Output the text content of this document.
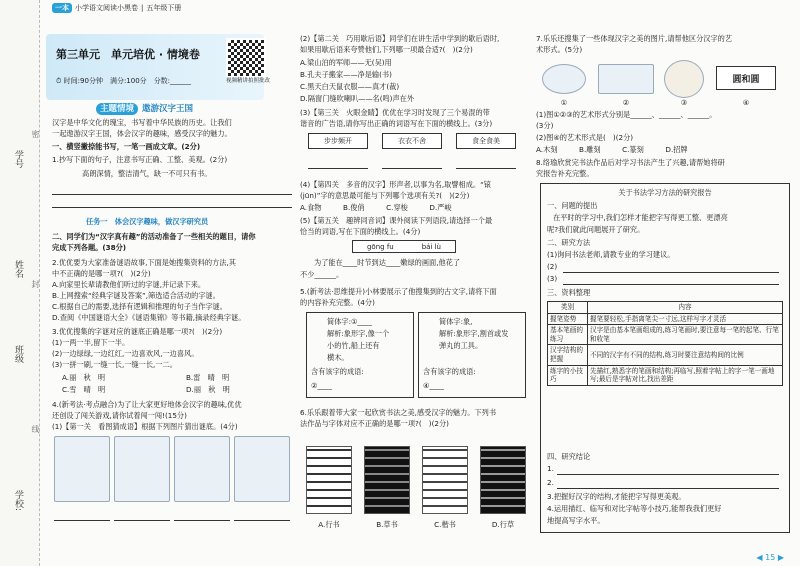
学号
姓名
班级
学校:
密
封
线
一本 小学语文阅读小黑卷 | 五年级下册
第三单元　单元培优 · 情境卷
⏱ 时间:90分钟　 满分:100分　 分数:______	视频精讲拍照批改
主题情境 遨游汉字王国
汉字是中华文化的瑰宝，书写着中华民族的历史。让我们
一起遨游汉字王国，体会汉字的趣味，感受汉字的魅力。
一、横竖撇捺能书写，一笔一画成文章。(2分)
1.抄写下面的句子，注意书写正确、工整、美观。(2分)
高朗深情，整洁清气，缺一不可只有书。
任务一　体会汉字趣味，做汉字研究员
二、同学们为“汉字真有趣”的活动准备了一些相关的题目，请你
完成下列各题。(38分)
2.优优要为大家准备谜语故事,下面是她搜集资料的方法,其
中不正确的是哪一项?(　)(2分)
A.向家里长辈请教他们听过的字谜,并记录下来。
B.上网搜索“经典字谜及答案”,筛选适合活动的字谜。
C.根据自己的需要,选择有逻辑和推理的句子当作字谜。
D.查阅《中国谜语大全》《谜语集锦》等书籍,摘录经典字谜。
3.优优搜集的字谜对应的谜底正确是哪一项?(　)(2分)
(1)一两一半,留下一半。
(2)一边绿绿,一边红红,一边喜欢风,一边喜风。
(3)一拼一刷,一缝一长,一缝一长,一二。
A.丽　秋　明	B.雷　晴　明
C.雪　晴　明	D.丽　秋　明
4.(新考法·考点融合)为了让大家更好地体会汉字的趣味,优优
还创设了闯关游戏,请你试着闯一闯!(15分)
(1)【第一关　看图猜成语】根据下列图片猜出谜底。(4分)
(2)【第二关　巧用歇后语】同学们在讲生活中学到的歇后语时,
如果用歇后语来夸赞他们,下列哪一项最合适?(　)(2分)
A.梁山泊的军师——无(吴)用
B.孔夫子搬家——净是输(书)
C.黑天白天鼠衣服——真才(裁)
D.隔窗门缝吹喇叭——名(鸣)声在外
(3)【第三关　火眼金睛】优优在学习时发现了三个易混的带
谐音的广告语,请你写出正确的词语写在下面的横线上。(3分)
步步频开	衣衣不舍	食全食美
(4)【第四关　多音的汉字】形声者,以事为名,取譬相成。“锿
(jūn)”字的意思最可能与下列哪个选项有关?(　)(2分)
A.食物　　　B.俊俏　　　C.穿梭　　　D.严峻
(5)【第五关　趣辨同音词】课外阅读下列语段,请选择一个最
恰当的词语,写在下面的横线上。(4分)
gōng fu	bái lù
为了能在____时节到达____嫩绿的画面,他花了
不少______。
5.(新考法·思维提升)小林要展示了他搜集到的古文字,请将下面
的内容补充完整。(4分)
简体字:①____
解析:象形字,像一个
小的竹,船上还有
横木。
含有该字的成语:
②____
简体字:象,
解析:象形字,割首或发
弹丸的工具。
含有该字的成语:
④____
6.乐乐跟着带大家一起欣赏书法之美,感受汉字的魅力。下列书
法作品与字体对应不正确的是哪一项?(　)(2分)
A.行书	B.草书	C.楷书	D.行草
7.乐乐还搜集了一些体现汉字之美的图片,请帮他区分汉字的艺
术形式。(5分)
圆和圆
①	②	③	④
(1)图①②③的艺术形式分别是______、______、______。
(3分)
(2)图④的艺术形式是(　)(2分)
A.木刻　　　B.雕刻　　　C.篆刻　　　D.招牌
8.络瑜欣赏完书法作品后对学习书法产生了兴趣,请帮她将研
究报告补充完整。
关于书法学习方法的研究报告
一、问题的提出
在平时的学习中,我们怎样才能把字写得更工整、更漂亮
呢?我们就此问题展开了研究。
二、研究方法
(1)询问书法老师,请教专业的学习建议。
(2)
(3)
三、资料整理
类别	内容
握笔姿势	握笔要轻松,手指离笔尖一寸远,这样写字才灵活
基本笔画的练习	汉字是由基本笔画组成的,练习笔画时,要注意每一笔的起笔、行笔和收笔
汉字结构的把握	不同的汉字有不同的结构,练习时要注意结构间的比例
练字的小技巧	先描红,熟悉字的笔画和结构;再临写,照着字帖上的字一笔一画地写;最后是字帖对比,找出差距
四、研究结论
1.
2.
3.把握好汉字的结构,才能把字写得更美观。
4.运用描红、临写和对比字帖等小技巧,能帮我我们更好
地提高写字水平。
◀ 15 ▶
